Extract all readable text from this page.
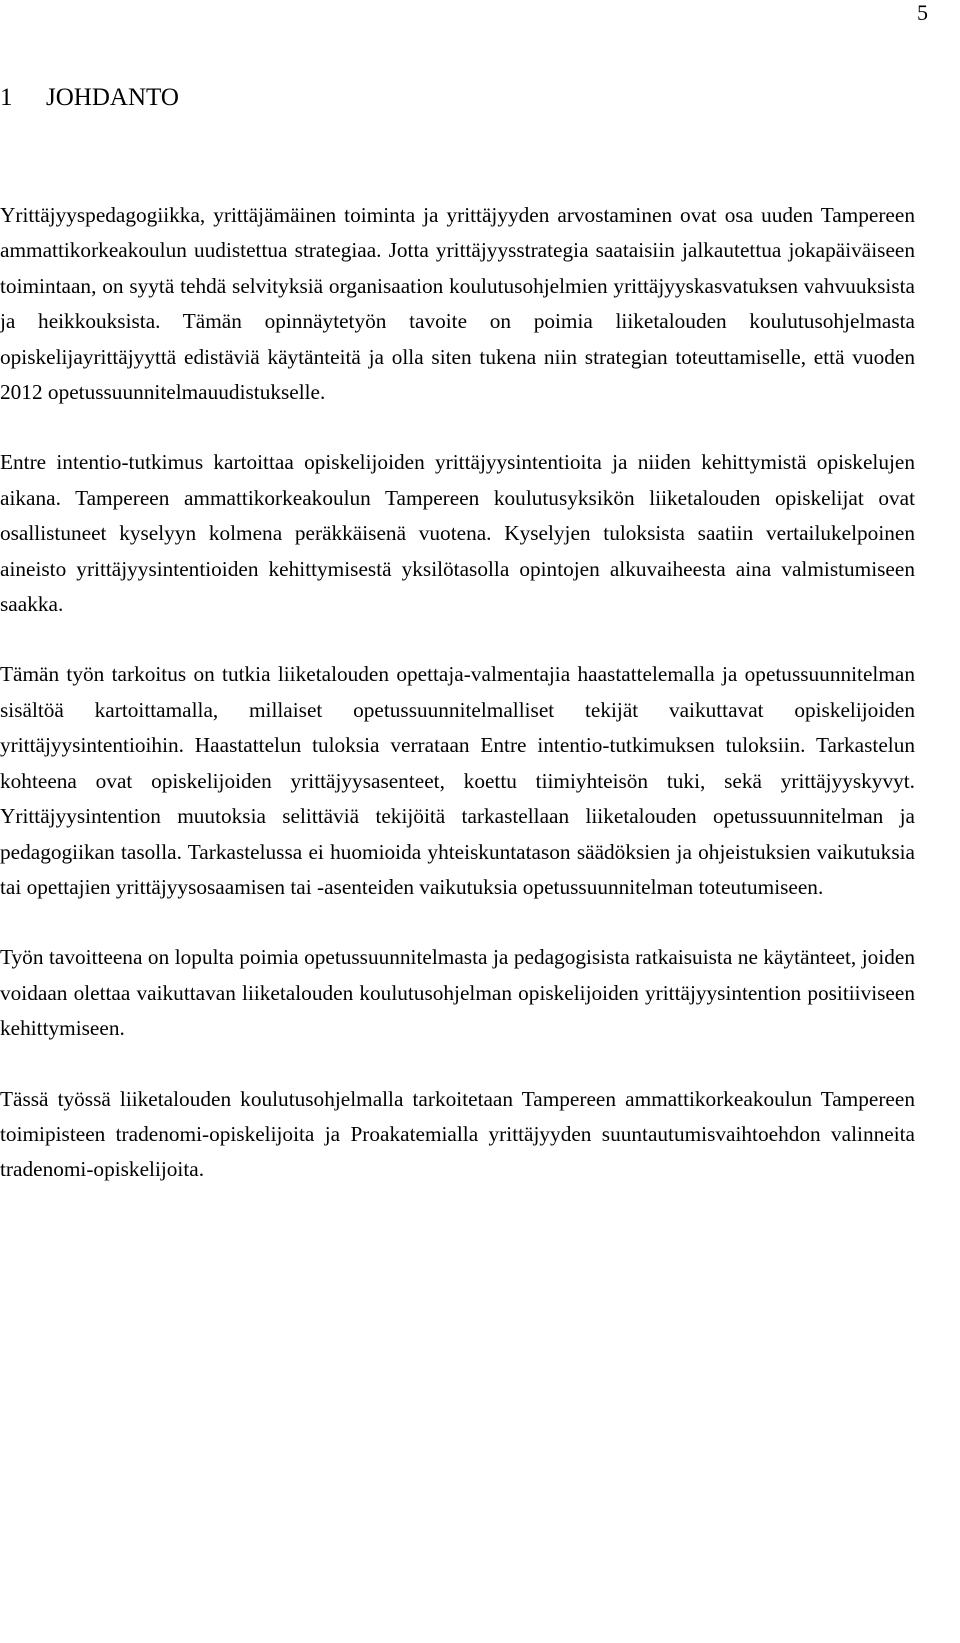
5
1 JOHDANTO

Yrittäjyyspedagogiikka, yrittäjämäinen toiminta ja yrittäjyyden arvostaminen ovat osa uuden Tampereen ammattikorkeakoulun uudistettua strategiaa. Jotta yrittäjyysstrategia saataisiin jalkautettua jokapäiväiseen toimintaan, on syytä tehdä selvityksiä organisaation koulutusohjelmien yrittäjyyskasvatuksen vahvuuksista ja heikkouksista. Tämän opinnäytetyön tavoite on poimia liiketalouden koulutusohjelmasta opiskelijayrittäjyyttä edistäviä käytänteitä ja olla siten tukena niin strategian toteuttamiselle, että vuoden 2012 opetussuunnitelmauudistukselle.

Entre intentio-tutkimus kartoittaa opiskelijoiden yrittäjyysintentioita ja niiden kehittymistä opiskelujen aikana. Tampereen ammattikorkeakoulun Tampereen koulutusyksikön liiketalouden opiskelijat ovat osallistuneet kyselyyn kolmena peräkkäisenä vuotena. Kyselyjen tuloksista saatiin vertailukelpoinen aineisto yrittäjyysintentioiden kehittymisestä yksilötasolla opintojen alkuvaiheesta aina valmistumiseen saakka.

Tämän työn tarkoitus on tutkia liiketalouden opettaja-valmentajia haastattelemalla ja opetussuunnitelman sisältöä kartoittamalla, millaiset opetussuunnitelmalliset tekijät vaikuttavat opiskelijoiden yrittäjyysintentioihin. Haastattelun tuloksia verrataan Entre intentio-tutkimuksen tuloksiin. Tarkastelun kohteena ovat opiskelijoiden yrittäjyysasenteet, koettu tiimiyhteisön tuki, sekä yrittäjyyskyvyt. Yrittäjyysintention muutoksia selittäviä tekijöitä tarkastellaan liiketalouden opetussuunnitelman ja pedagogiikan tasolla. Tarkastelussa ei huomioida yhteiskuntatason säädöksien ja ohjeistuksien vaikutuksia tai opettajien yrittäjyysosaamisen tai -asenteiden vaikutuksia opetussuunnitelman toteutumiseen.

Työn tavoitteena on lopulta poimia opetussuunnitelmasta ja pedagogisista ratkaisuista ne käytänteet, joiden voidaan olettaa vaikuttavan liiketalouden koulutusohjelman opiskelijoiden yrittäjyysintention positiiviseen kehittymiseen.

Tässä työssä liiketalouden koulutusohjelmalla tarkoitetaan Tampereen ammattikorkeakoulun Tampereen toimipisteen tradenomi-opiskelijoita ja Proakatemialla yrittäjyyden suuntautumisvaihtoehdon valinneita tradenomi-opiskelijoita.
